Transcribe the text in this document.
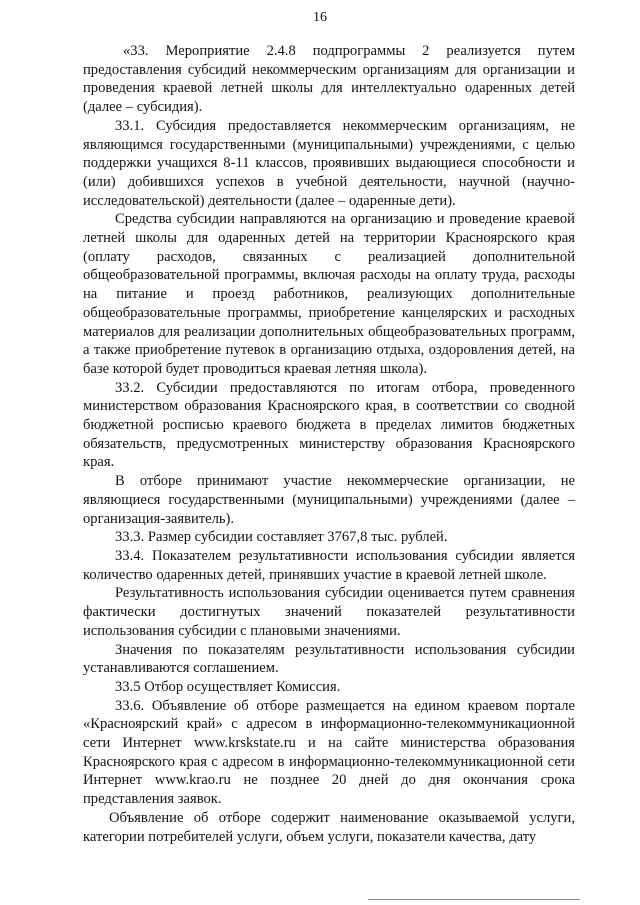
16

«33. Мероприятие 2.4.8 подпрограммы 2 реализуется путем предоставления субсидий некоммерческим организациям для организации и проведения краевой летней школы для интеллектуально одаренных детей (далее – субсидия).

33.1. Субсидия предоставляется некоммерческим организациям, не являющимся государственными (муниципальными) учреждениями, с целью поддержки учащихся 8-11 классов, проявивших выдающиеся способности и (или) добившихся успехов в учебной деятельности, научной (научно-исследовательской) деятельности (далее – одаренные дети).

Средства субсидии направляются на организацию и проведение краевой летней школы для одаренных детей на территории Красноярского края (оплату расходов, связанных с реализацией дополнительной общеобразовательной программы, включая расходы на оплату труда, расходы на питание и проезд работников, реализующих дополнительные общеобразовательные программы, приобретение канцелярских и расходных материалов для реализации дополнительных общеобразовательных программ, а также приобретение путевок в организацию отдыха, оздоровления детей, на базе которой будет проводиться краевая летняя школа).

33.2. Субсидии предоставляются по итогам отбора, проведенного министерством образования Красноярского края, в соответствии со сводной бюджетной росписью краевого бюджета в пределах лимитов бюджетных обязательств, предусмотренных министерству образования Красноярского края.

В отборе принимают участие некоммерческие организации, не являющиеся государственными (муниципальными) учреждениями (далее – организация-заявитель).

33.3. Размер субсидии составляет 3767,8 тыс. рублей.

33.4. Показателем результативности использования субсидии является количество одаренных детей, принявших участие в краевой летней школе.

Результативность использования субсидии оценивается путем сравнения фактически достигнутых значений показателей результативности использования субсидии с плановыми значениями.

Значения по показателям результативности использования субсидии устанавливаются соглашением.

33.5 Отбор осуществляет Комиссия.

33.6. Объявление об отборе размещается на едином краевом портале «Красноярский край» с адресом в информационно-телекоммуникационной сети Интернет www.krskstate.ru и на сайте министерства образования Красноярского края с адресом в информационно-телекоммуникационной сети Интернет www.krao.ru не позднее 20 дней до дня окончания срока представления заявок.

Объявление об отборе содержит наименование оказываемой услуги, категории потребителей услуги, объем услуги, показатели качества, дату
